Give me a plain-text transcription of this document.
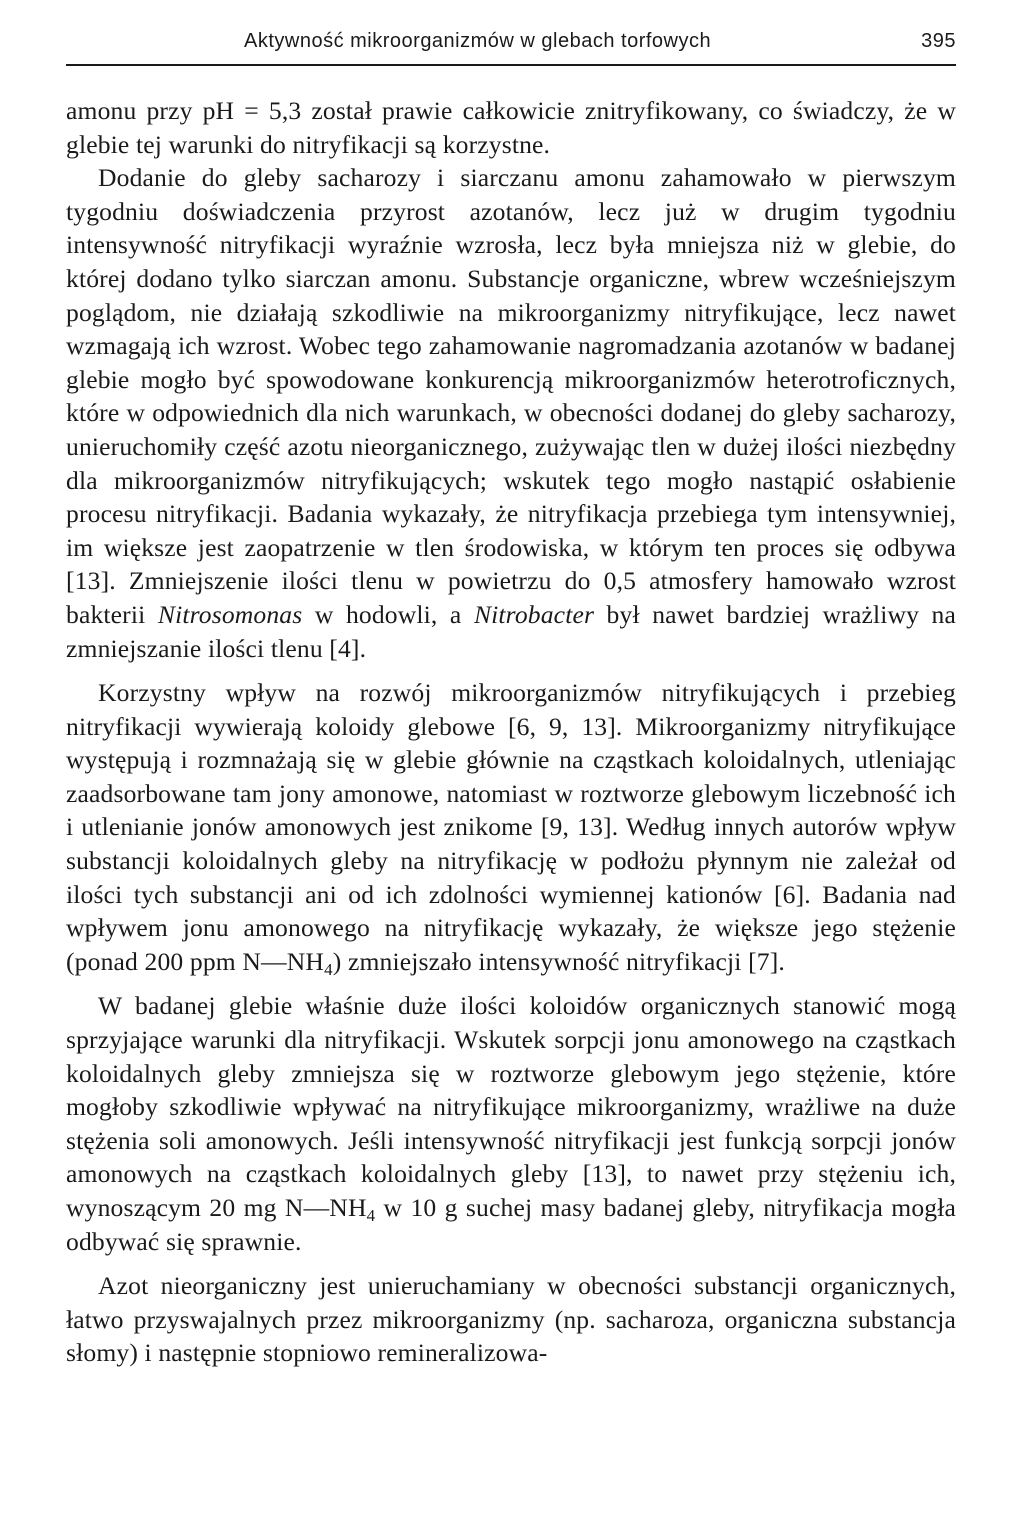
Aktywność mikroorganizmów w glebach torfowych	395

amonu przy pH = 5,3 został prawie całkowicie znitryfikowany, co świadczy, że w glebie tej warunki do nitryfikacji są korzystne.

Dodanie do gleby sacharozy i siarczanu amonu zahamowało w pierwszym tygodniu doświadczenia przyrost azotanów, lecz już w drugim tygodniu intensywność nitryfikacji wyraźnie wzrosła, lecz była mniejsza niż w glebie, do której dodano tylko siarczan amonu. Substancje organiczne, wbrew wcześniejszym poglądom, nie działają szkodliwie na mikroorganizmy nitryfikujące, lecz nawet wzmagają ich wzrost. Wobec tego zahamowanie nagromadzania azotanów w badanej glebie mogło być spowodowane konkurencją mikroorganizmów heterotroficznych, które w odpowiednich dla nich warunkach, w obecności dodanej do gleby sacharozy, unieruchomiły część azotu nieorganicznego, zużywając tlen w dużej ilości niezbędny dla mikroorganizmów nitryfikujących; wskutek tego mogło nastąpić osłabienie procesu nitryfikacji. Badania wykazały, że nitryfikacja przebiega tym intensywniej, im większe jest zaopatrzenie w tlen środowiska, w którym ten proces się odbywa [13]. Zmniejszenie ilości tlenu w powietrzu do 0,5 atmosfery hamowało wzrost bakterii Nitrosomonas w hodowli, a Nitrobacter był nawet bardziej wrażliwy na zmniejszanie ilości tlenu [4].

Korzystny wpływ na rozwój mikroorganizmów nitryfikujących i przebieg nitryfikacji wywierają koloidy glebowe [6, 9, 13]. Mikroorganizmy nitryfikujące występują i rozmnażają się w glebie głównie na cząstkach koloidalnych, utleniając zaadsorbowane tam jony amonowe, natomiast w roztworze glebowym liczebność ich i utlenianie jonów amonowych jest znikome [9, 13]. Według innych autorów wpływ substancji koloidalnych gleby na nitryfikację w podłożu płynnym nie zależał od ilości tych substancji ani od ich zdolności wymiennej kationów [6]. Badania nad wpływem jonu amonowego na nitryfikację wykazały, że większe jego stężenie (ponad 200 ppm $N—NH_4$) zmniejszało intensywność nitryfikacji [7].

W badanej glebie właśnie duże ilości koloidów organicznych stanowić mogą sprzyjające warunki dla nitryfikacji. Wskutek sorpcji jonu amonowego na cząstkach koloidalnych gleby zmniejsza się w roztworze glebowym jego stężenie, które mogłoby szkodliwie wpływać na nitryfikujące mikroorganizmy, wrażliwe na duże stężenia soli amonowych. Jeśli intensywność nitryfikacji jest funkcją sorpcji jonów amonowych na cząstkach koloidalnych gleby [13], to nawet przy stężeniu ich, wynoszącym 20 mg $N—NH_4$ w 10 g suchej masy badanej gleby, nitryfikacja mogła odbywać się sprawnie.

Azot nieorganiczny jest unieruchamiany w obecności substancji organicznych, łatwo przyswajalnych przez mikroorganizmy (np. sacharoza, organiczna substancja słomy) i następnie stopniowo remineralizowa-
